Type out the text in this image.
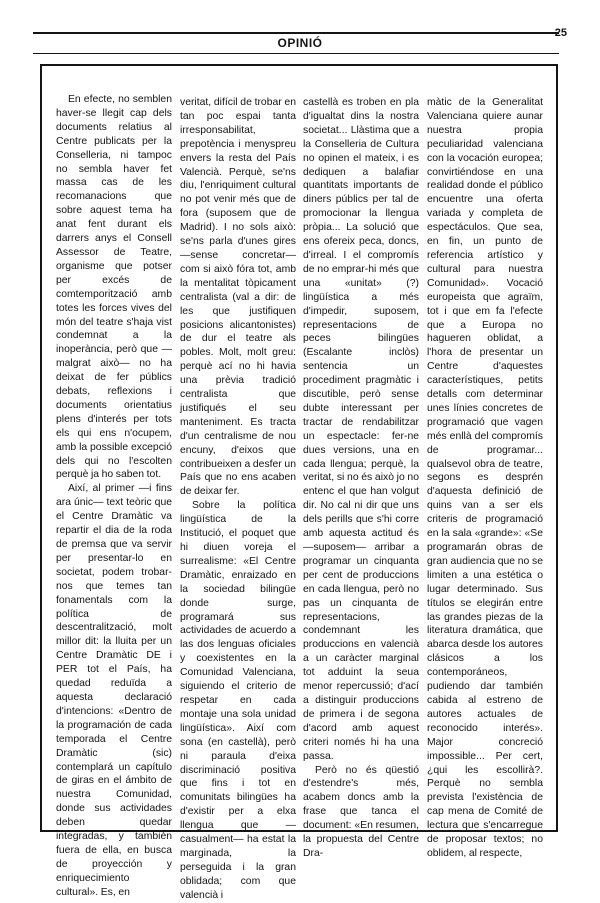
25
OPINIÓ

En efecte, no semblen haver-se llegit cap dels documents relatius al Centre publicats per la Conselleria, ni tampoc no sembla haver fet massa cas de les recomanacions que sobre aquest tema ha anat fent durant els darrers anys el Consell Assessor de Teatre, organisme que potser per excés de comtemporització amb totes les forces vives del món del teatre s'haja vist condemnat a la inoperància, però que —malgrat això— no ha deixat de fer públics debats, reflexions i documents orientatius plens d'interés per tots els qui ens n'ocupem, amb la possible excepció dels qui no l'escolten perquè ja ho saben tot.

Així, al primer —i fins ara únic— text teòric que el Centre Dramàtic va repartir el dia de la roda de premsa que va servir per presentar-lo en societat, podem trobar-nos que temes tan fonamentals com la política de descentralització, molt millor dit: la lluita per un Centre Dramàtic DE i PER tot el País, ha quedad reduïda a aquesta declaració d'intencions: «Dentro de la programación de cada temporada el Centre Dramàtic (sic) contemplará un capítulo de giras en el ámbito de nuestra Comunidad, donde sus actividades deben quedar integradas, y también fuera de ella, en busca de proyección y enriquecimiento cultural». Es, en

veritat, difícil de trobar en tan poc espai tanta irresponsabilitat, prepotència i menyspreu envers la resta del País Valencià. Perquè, se'ns diu, l'enriquiment cultural no pot venir més que de fora (suposem que de Madrid). I no sols això: se'ns parla d'unes gires —sense concretar— com si això fóra tot, amb la mentalitat tòpicament centralista (val a dir: de les que justifiquen posicions alicantonistes) de dur el teatre als pobles. Molt, molt greu: perquè ací no hi havia una prèvia tradició centralista que justifiqués el seu manteniment. Es tracta d'un centralisme de nou encuny, d'eixos que contribueixen a desfer un País que no ens acaben de deixar fer.

Sobre la política lingüística de la Institució, el poquet que hi diuen voreja el surrealisme: «El Centre Dramàtic, enraizado en la sociedad bilingüe donde surge, programará sus actividades de acuerdo a las dos lenguas oficiales y coexistentes en la Comunidad Valenciana, siguiendo el criterio de respetar en cada montaje una sola unidad lingüística». Així com sona (en castellà), però ni paraula d'eixa discriminació positiva que fins i tot en comunitats bilingües ha d'existir per a elxa llengua que —casualment— ha estat la marginada, la perseguida i la gran oblidada; com que valencià i

castellà es troben en pla d'igualtat dins la nostra societat... Llàstima que a la Conselleria de Cultura no opinen el mateix, i es dediquen a balafiar quantitats importants de diners públics per tal de promocionar la llengua pròpia... La solució que ens ofereix peca, doncs, d'irreal. I el compromís de no emprar-hi més que una «unitat» (?) lingüística a més d'impedir, suposem, representacions de peces bilingües (Escalante inclòs) sentencia un procediment pragmàtic i discutible, però sense dubte interessant per tractar de rendabilitzar un espectacle: fer-ne dues versions, una en cada llengua; perquè, la veritat, si no és això jo no entenc el que han volgut dir. No cal ni dir que uns dels perills que s'hi corre amb aquesta actitud és —suposem— arribar a programar un cinquanta per cent de produccions en cada llengua, però no pas un cinquanta de representacions, condemnant les produccions en valencià a un caràcter marginal tot adduint la seua menor repercussió; d'ací a distinguir produccions de primera i de segona d'acord amb aquest criteri només hi ha una passa.

Però no és qüestió d'estendre's més, acabem doncs amb la frase que tanca el document: «En resumen, la propuesta del Centre Dra-

màtic de la Generalitat Valenciana quiere aunar nuestra propia peculiaridad valenciana con la vocación europea; convirtiéndose en una realidad donde el público encuentre una oferta variada y completa de espectáculos. Que sea, en fin, un punto de referencia artístico y cultural para nuestra Comunidad». Vocació europeista que agraïm, tot i que em fa l'efecte que a Europa no hagueren oblidat, a l'hora de presentar un Centre d'aquestes característiques, petits detalls com determinar unes línies concretes de programació que vagen més enllà del compromís de programar... qualsevol obra de teatre, segons es desprén d'aquesta definició de quins van a ser els criteris de programació en la sala «grande»: «Se programarán obras de gran audiencia que no se limiten a una estética o lugar determinado. Sus títulos se elegirán entre las grandes piezas de la literatura dramática, que abarca desde los autores clásicos a los contemporáneos, pudiendo dar también cabida al estreno de autores actuales de reconocido interés». Major concreció impossible... Per cert, ¿qui les escollirà?. Perquè no sembla prevista l'existència de cap mena de Comité de lectura que s'encarregue de proposar textos; no oblidem, al respecte,
